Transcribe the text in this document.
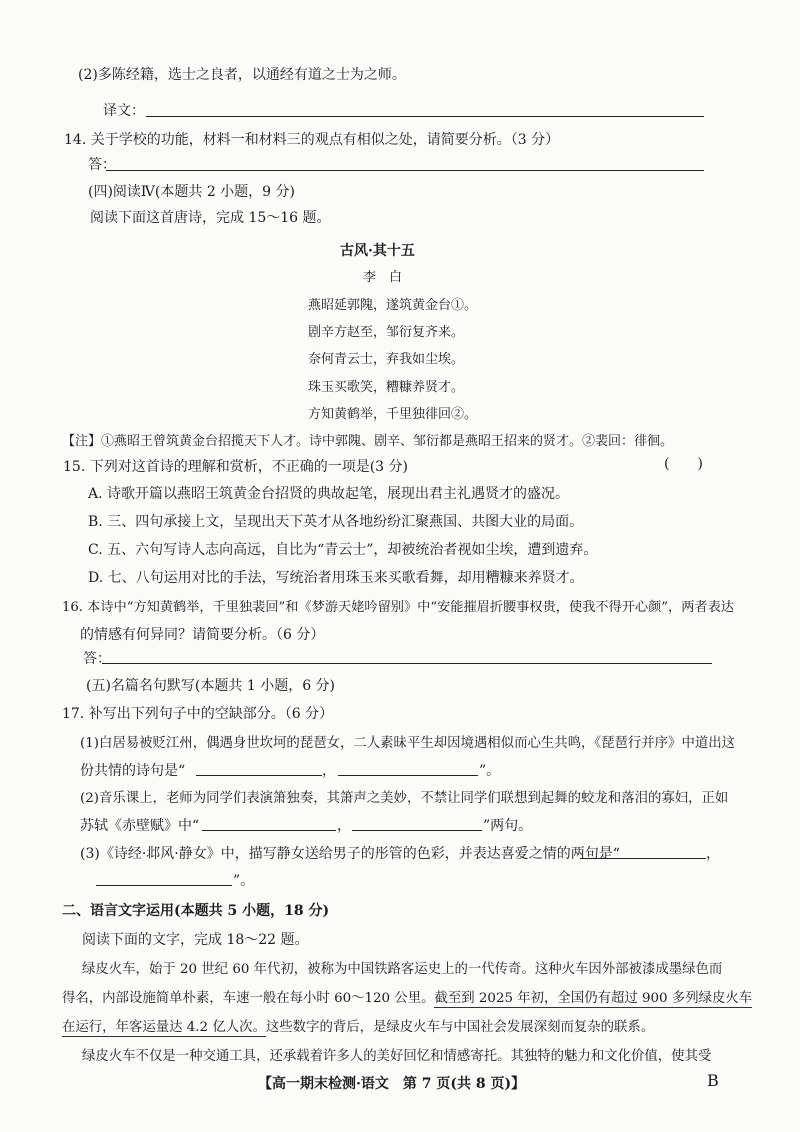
(2)多陈经籍，选士之良者，以通经有道之士为之师。
译文：
14. 关于学校的功能，材料一和材料三的观点有相似之处，请简要分析。（3 分）
答：
(四)阅读Ⅳ(本题共 2 小题，9 分)
阅读下面这首唐诗，完成 15～16 题。
古风·其十五
李　白
燕昭延郭隗，遂筑黄金台①。
剧辛方赵至，邹衍复齐来。
奈何青云士，弃我如尘埃。
珠玉买歌笑，糟糠养贤才。
方知黄鹤举，千里独徘回②。
【注】①燕昭王曾筑黄金台招揽天下人才。诗中郭隗、剧辛、邹衍都是燕昭王招来的贤才。②裴回：徘徊。
15. 下列对这首诗的理解和赏析，不正确的一项是(3 分)	(　　)
A. 诗歌开篇以燕昭王筑黄金台招贤的典故起笔，展现出君主礼遇贤才的盛况。
B. 三、四句承接上文，呈现出天下英才从各地纷纷汇聚燕国、共图大业的局面。
C. 五、六句写诗人志向高远，自比为“青云士”，却被统治者视如尘埃，遭到遗弃。
D. 七、八句运用对比的手法，写统治者用珠玉来买歌看舞，却用糟糠来养贤才。
16. 本诗中“方知黄鹤举，千里独裴回”和《梦游天姥吟留别》中“安能摧眉折腰事权贵，使我不得开心颜”，两者表达
的情感有何异同？请简要分析。（6 分）
答：
(五)名篇名句默写(本题共 1 小题，6 分)
17. 补写出下列句子中的空缺部分。（6 分）
(1)白居易被贬江州，偶遇身世坎坷的琵琶女，二人素昧平生却因境遇相似而心生共鸣，《琵琶行并序》中道出这
份共情的诗句是“	，	”。
(2)音乐课上，老师为同学们表演箫独奏，其箫声之美妙，不禁让同学们联想到起舞的蛟龙和落泪的寡妇，正如
苏轼《赤壁赋》中“	，	”两句。
(3)《诗经·邶风·静女》中，描写静女送给男子的彤管的色彩，并表达喜爱之情的两句是“	，
”。
二、语言文字运用(本题共 5 小题，18 分)
阅读下面的文字，完成 18～22 题。
绿皮火车，始于 20 世纪 60 年代初，被称为中国铁路客运史上的一代传奇。这种火车因外部被漆成墨绿色而
得名，内部设施简单朴素，车速一般在每小时 60～120 公里。截至到 2025 年初，全国仍有超过 900 多列绿皮火车
在运行，年客运量达 4.2 亿人次。这些数字的背后，是绿皮火车与中国社会发展深刻而复杂的联系。
绿皮火车不仅是一种交通工具，还承载着许多人的美好回忆和情感寄托。其独特的魅力和文化价值，使其受
【高一期末检测·语文　第 7 页(共 8 页)】	B
